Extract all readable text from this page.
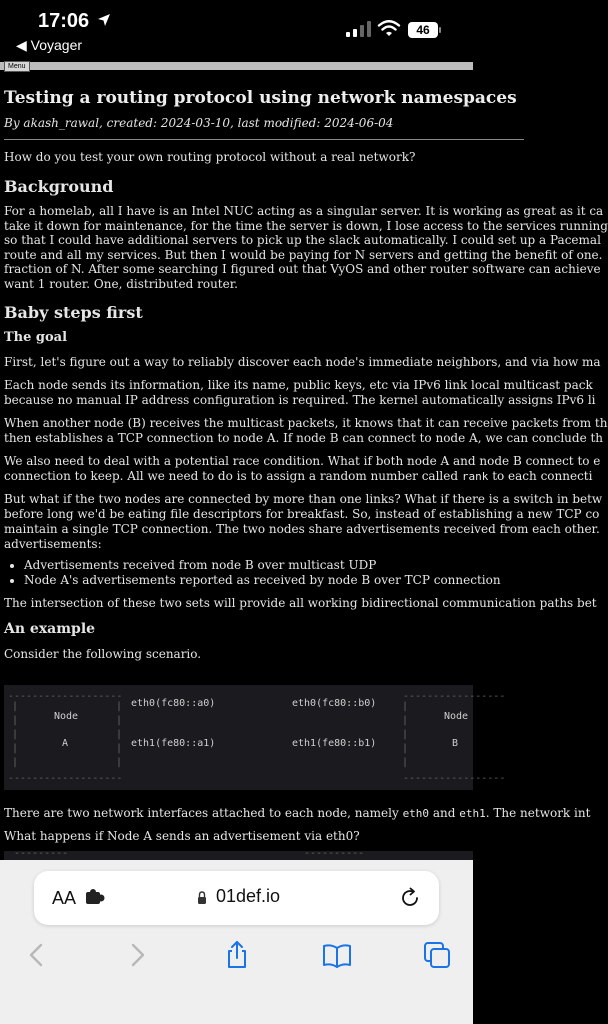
17:06
◀ Voyager
46
Menu
Testing a routing protocol using network namespaces
By akash_rawal, created: 2024-03-10, last modified: 2024-06-04

How do you test your own routing protocol without a real network?

Background

For a homelab, all I have is an Intel NUC acting as a singular server. It is working as great as it ca
take it down for maintenance, for the time the server is down, I lose access to the services running
so that I could have additional servers to pick up the slack automatically. I could set up a Pacemal
route and all my services. But then I would be paying for N servers and getting the benefit of one.
fraction of N. After some searching I figured out that VyOS and other router software can achieve
want 1 router. One, distributed router.

Baby steps first
The goal

First, let's figure out a way to reliably discover each node's immediate neighbors, and via how ma

Each node sends its information, like its name, public keys, etc via IPv6 link local multicast pack
because no manual IP address configuration is required. The kernel automatically assigns IPv6 li

When another node (B) receives the multicast packets, it knows that it can receive packets from th
then establishes a TCP connection to node A. If node B can connect to node A, we can conclude th

We also need to deal with a potential race condition. What if both node A and node B connect to e
connection to keep. All we need to do is to assign a random number called rank to each connecti

But what if the two nodes are connected by more than one links? What if there is a switch in betw
before long we'd be eating file descriptors for breakfast. So, instead of establishing a new TCP co
maintain a single TCP connection. The two nodes share advertisements received from each other.
advertisements:

• Advertisements received from node B over multicast UDP
• Node A's advertisements reported as received by node B over TCP connection

The intersection of these two sets will provide all working bidirectional communication paths bet

An example

Consider the following scenario.

-------------------	-----------------
|
|
|
|
|
|
|
|
|
|
|
|
|
|
|
eth0(fc80::a0)	eth0(fc80::b0)
Node	Node
A	B
eth1(fe80::a1)	eth1(fe80::b1)
-------------------	-----------------

There are two network interfaces attached to each node, namely eth0 and eth1. The network int

What happens if Node A sends an advertisement via eth0?

---------	----------
AA	01def.io
